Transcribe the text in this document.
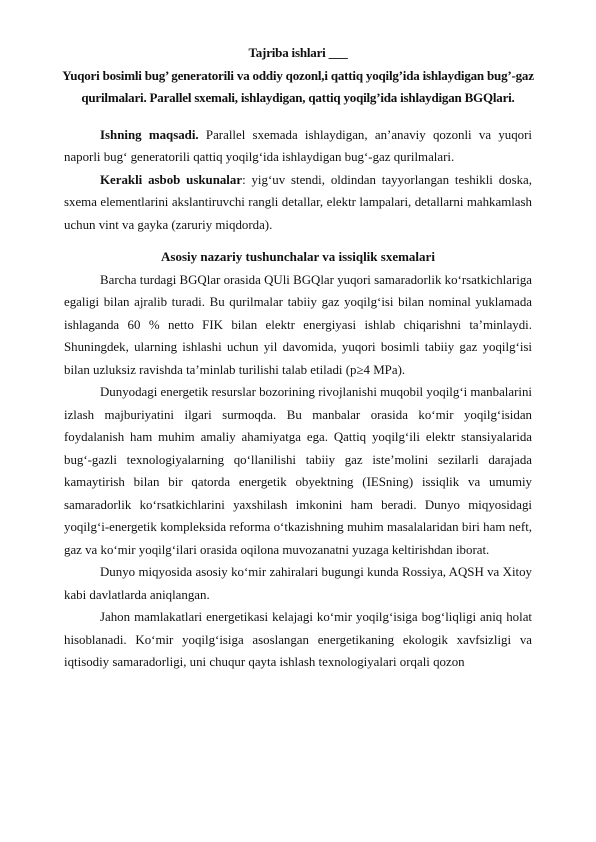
Tajriba ishlari ___
Yuqori bosimli bug’ generatorili va oddiy qozonl,i qattiq yoqilg’ida ishlaydigan bug’-gaz qurilmalari. Parallel sxemali, ishlaydigan, qattiq yoqilg’ida ishlaydigan BGQlari.

Ishning maqsadi. Parallel sxemada ishlaydigan, an’anaviy qozonli va yuqori naporli bug‘ generatorili qattiq yoqilg‘ida ishlaydigan bug‘-gaz qurilmalari.

Kerakli asbob uskunalar: yig‘uv stendi, oldindan tayyorlangan teshikli doska, sxema elementlarini akslantiruvchi rangli detallar, elektr lampalari, detallarni mahkamlash uchun vint va gayka (zaruriy miqdorda).

Asosiy nazariy tushunchalar va issiqlik sxemalari

Barcha turdagi BGQlar orasida QUli BGQlar yuqori samaradorlik ko‘rsatkichlariga egaligi bilan ajralib turadi. Bu qurilmalar tabiiy gaz yoqilg‘isi bilan nominal yuklamada ishlaganda 60 % netto FIK bilan elektr energiyasi ishlab chiqarishni ta’minlaydi. Shuningdek, ularning ishlashi uchun yil davomida, yuqori bosimli tabiiy gaz yoqilg‘isi bilan uzluksiz ravishda ta’minlab turilishi talab etiladi (p≥4 MPa).

Dunyodagi energetik resurslar bozorining rivojlanishi muqobil yoqilg‘i manbalarini izlash majburiyatini ilgari surmoqda. Bu manbalar orasida ko‘mir yoqilg‘isidan foydalanish ham muhim amaliy ahamiyatga ega. Qattiq yoqilg‘ili elektr stansiyalarida bug‘-gazli texnologiyalarning qo‘llanilishi tabiiy gaz iste’molini sezilarli darajada kamaytirish bilan bir qatorda energetik obyektning (IESning) issiqlik va umumiy samaradorlik ko‘rsatkichlarini yaxshilash imkonini ham beradi. Dunyo miqyosidagi yoqilg‘i-energetik kompleksida reforma o‘tkazishning muhim masalalaridan biri ham neft, gaz va ko‘mir yoqilg‘ilari orasida oqilona muvozanatni yuzaga keltirishdan iborat.

Dunyo miqyosida asosiy ko‘mir zahiralari bugungi kunda Rossiya, AQSH va Xitoy kabi davlatlarda aniqlangan.

Jahon mamlakatlari energetikasi kelajagi ko‘mir yoqilg‘isiga bog‘liqligi aniq holat hisoblanadi. Ko‘mir yoqilg‘isiga asoslangan energetikaning ekologik xavfsizligi va iqtisodiy samaradorligi, uni chuqur qayta ishlash texnologiyalari orqali qozon
